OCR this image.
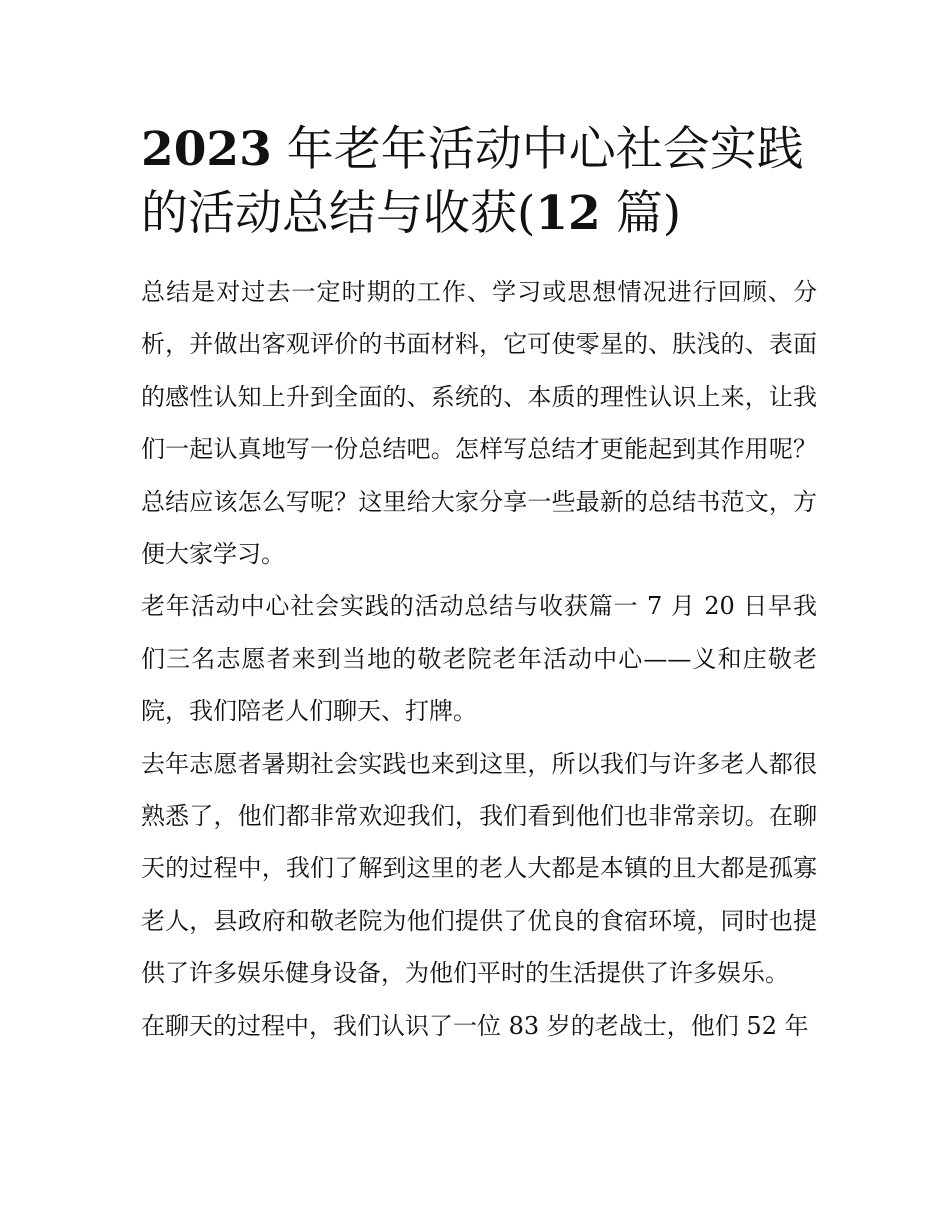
2023 年老年活动中心社会实践的活动总结与收获(12 篇)

总结是对过去一定时期的工作、学习或思想情况进行回顾、分析，并做出客观评价的书面材料，它可使零星的、肤浅的、表面的感性认知上升到全面的、系统的、本质的理性认识上来，让我们一起认真地写一份总结吧。怎样写总结才更能起到其作用呢？总结应该怎么写呢？这里给大家分享一些最新的总结书范文，方便大家学习。

老年活动中心社会实践的活动总结与收获篇一 7 月 20 日早我们三名志愿者来到当地的敬老院老年活动中心——义和庄敬老院，我们陪老人们聊天、打牌。

去年志愿者暑期社会实践也来到这里，所以我们与许多老人都很熟悉了，他们都非常欢迎我们，我们看到他们也非常亲切。在聊天的过程中，我们了解到这里的老人大都是本镇的且大都是孤寡老人，县政府和敬老院为他们提供了优良的食宿环境，同时也提供了许多娱乐健身设备，为他们平时的生活提供了许多娱乐。

在聊天的过程中，我们认识了一位 83 岁的老战士，他们 52 年
